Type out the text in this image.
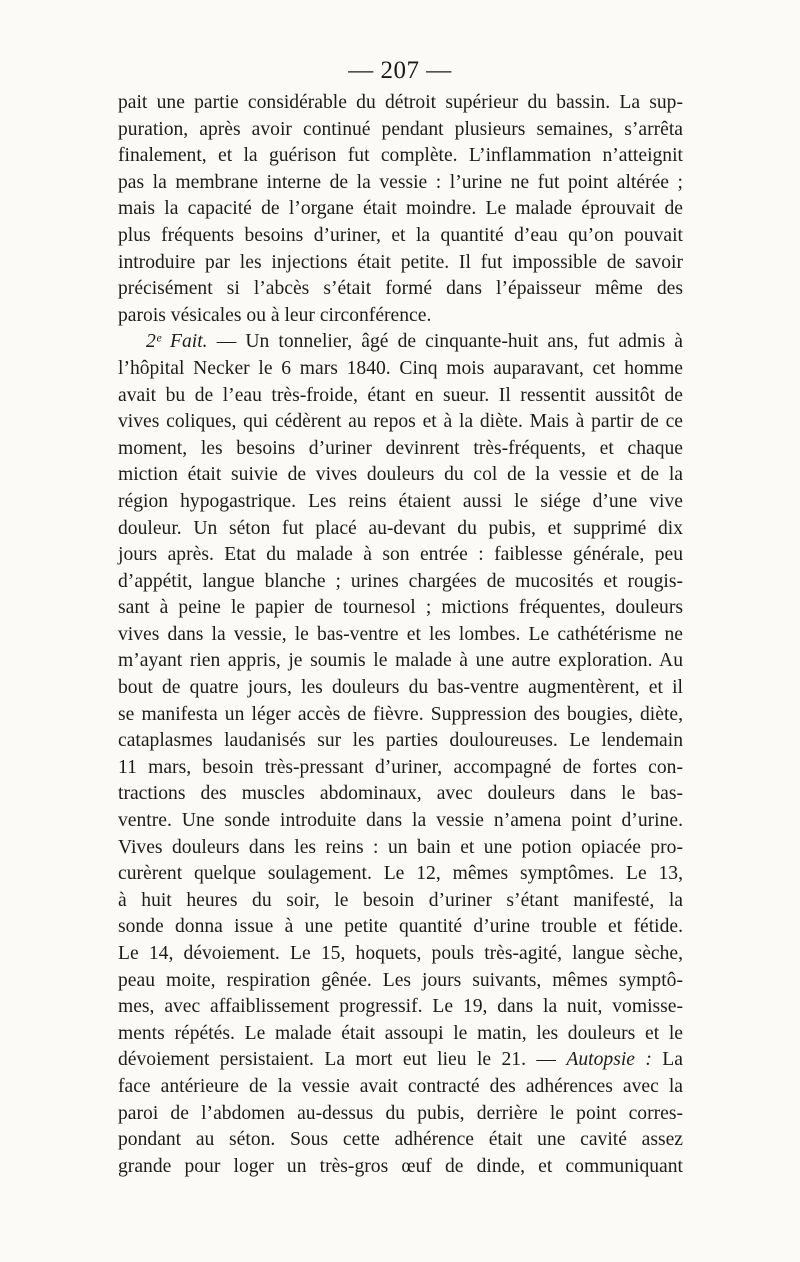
— 207 —
pait une partie considérable du détroit supérieur du bassin. La sup-
puration, après avoir continué pendant plusieurs semaines, s’arrêta
finalement, et la guérison fut complète. L’inflammation n’atteignit
pas la membrane interne de la vessie : l’urine ne fut point altérée ;
mais la capacité de l’organe était moindre. Le malade éprouvait de
plus fréquents besoins d’uriner, et la quantité d’eau qu’on pouvait
introduire par les injections était petite. Il fut impossible de savoir
précisément si l’abcès s’était formé dans l’épaisseur même des
parois vésicales ou à leur circonférence.
2ᵉ Fait. — Un tonnelier, âgé de cinquante-huit ans, fut admis à
l’hôpital Necker le 6 mars 1840. Cinq mois auparavant, cet homme
avait bu de l’eau très-froide, étant en sueur. Il ressentit aussitôt de
vives coliques, qui cédèrent au repos et à la diète. Mais à partir de ce
moment, les besoins d’uriner devinrent très-fréquents, et chaque
miction était suivie de vives douleurs du col de la vessie et de la
région hypogastrique. Les reins étaient aussi le siége d’une vive
douleur. Un séton fut placé au-devant du pubis, et supprimé dix
jours après. Etat du malade à son entrée : faiblesse générale, peu
d’appétit, langue blanche ; urines chargées de mucosités et rougis-
sant à peine le papier de tournesol ; mictions fréquentes, douleurs
vives dans la vessie, le bas-ventre et les lombes. Le cathétérisme ne
m’ayant rien appris, je soumis le malade à une autre exploration. Au
bout de quatre jours, les douleurs du bas-ventre augmentèrent, et il
se manifesta un léger accès de fièvre. Suppression des bougies, diète,
cataplasmes laudanisés sur les parties douloureuses. Le lendemain
11 mars, besoin très-pressant d’uriner, accompagné de fortes con-
tractions des muscles abdominaux, avec douleurs dans le bas-
ventre. Une sonde introduite dans la vessie n’amena point d’urine.
Vives douleurs dans les reins : un bain et une potion opiacée pro-
curèrent quelque soulagement. Le 12, mêmes symptômes. Le 13,
à huit heures du soir, le besoin d’uriner s’étant manifesté, la
sonde donna issue à une petite quantité d’urine trouble et fétide.
Le 14, dévoiement. Le 15, hoquets, pouls très-agité, langue sèche,
peau moite, respiration gênée. Les jours suivants, mêmes symptô-
mes, avec affaiblissement progressif. Le 19, dans la nuit, vomisse-
ments répétés. Le malade était assoupi le matin, les douleurs et le
dévoiement persistaient. La mort eut lieu le 21. — Autopsie : La
face antérieure de la vessie avait contracté des adhérences avec la
paroi de l’abdomen au-dessus du pubis, derrière le point corres-
pondant au séton. Sous cette adhérence était une cavité assez
grande pour loger un très-gros œuf de dinde, et communiquant
